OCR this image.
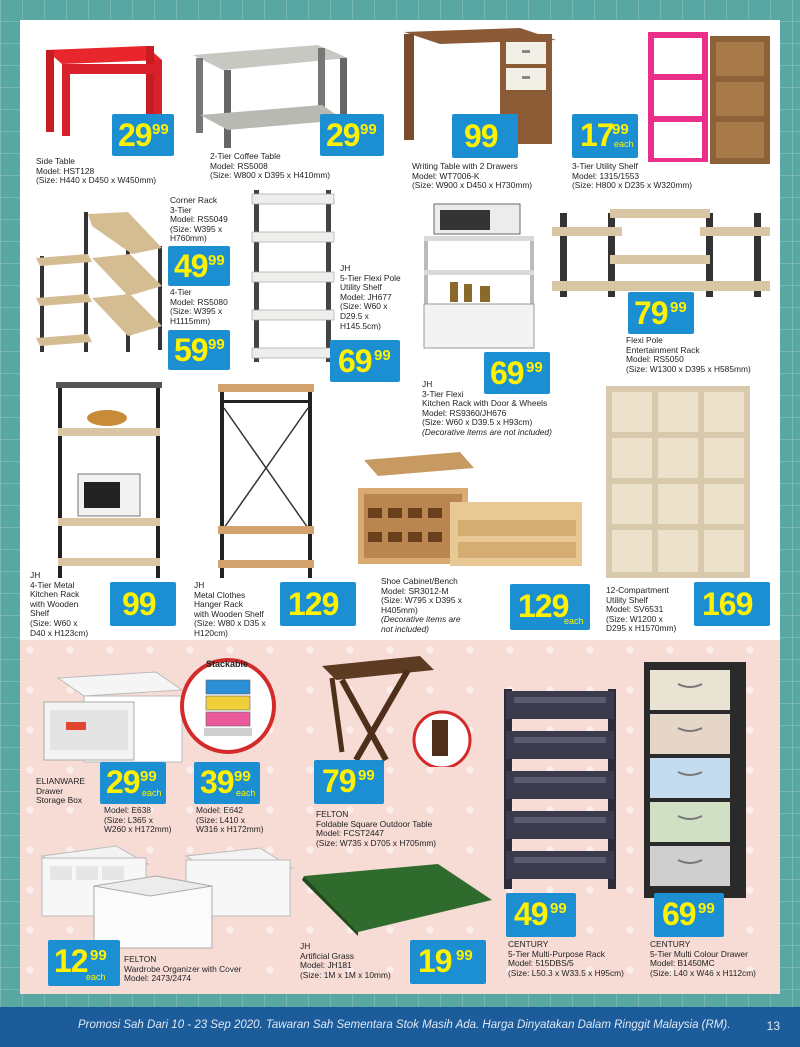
Stackable
Side Table
Model: HST128
(Size: H440 x D450 x W450mm)
2-Tier Coffee Table
Model: RS5008
(Size: W800 x D395 x H410mm)
Writing Table with 2 Drawers
Model: WT7006-K
(Size: W900 x D450 x H730mm)
3-Tier Utility Shelf
Model: 1315/1553
(Size: H800 x D235 x W320mm)
Corner Rack
3-Tier
Model: RS5049
(Size: W395 x
H760mm)
4-Tier
Model: RS5080
(Size: W395 x
H1115mm)
JH
5-Tier Flexi Pole
Utility Shelf
Model: JH677
(Size: W60 x
D29.5 x
H145.5cm)
JH
3-Tier Flexi
Kitchen Rack with Door & Wheels
Model: RS9360/JH676
(Size: W60 x D39.5 x H93cm)
(Decorative items are not included)
Flexi Pole
Entertainment Rack
Model: RS5050
(Size: W1300 x D395 x H585mm)
JH
4-Tier Metal
Kitchen Rack
with Wooden
Shelf
(Size: W60 x
D40 x H123cm)
JH
Metal Clothes
Hanger Rack
with Wooden Shelf
(Size: W80 x D35 x
H120cm)
Shoe Cabinet/Bench
Model: SR3012-M
(Size: W795 x D395 x
H405mm)
(Decorative items are
not included)
12-Compartment
Utility Shelf
Model: SV6531
(Size: W1200 x
D295 x H1570mm)
ELIANWARE
Drawer
Storage Box
Model: E638
(Size: L365 x
W260 x H172mm)
Model: E642
(Size: L410 x
W316 x H172mm)
FELTON
Foldable Square Outdoor Table
Model: FCST2447
(Size: W735 x D705 x H705mm)
CENTURY
5-Tier Multi-Purpose Rack
Model: 515DBS/5
(Size: L50.3 x W33.5 x H95cm)
CENTURY
5-Tier Multi Colour Drawer
Model: B1450MC
(Size: L40 x W46 x H112cm)
FELTON
Wardrobe Organizer with Cover
Model: 2473/2474
JH
Artificial Grass
Model: JH181
(Size: 1M x 1M x 10mm)
29 99	29 99	99	17
99
each
49 99
59 99	69 99	69 99
79 99
99	129	129
each	169
29 99
each 39 99
each 79 99
49 99	69 99
12 99
each	19 99
Promosi Sah Dari 10 - 23 Sep 2020. Tawaran Sah Sementara Stok Masih Ada. Harga Dinyatakan Dalam Ringgit Malaysia (RM).	13
